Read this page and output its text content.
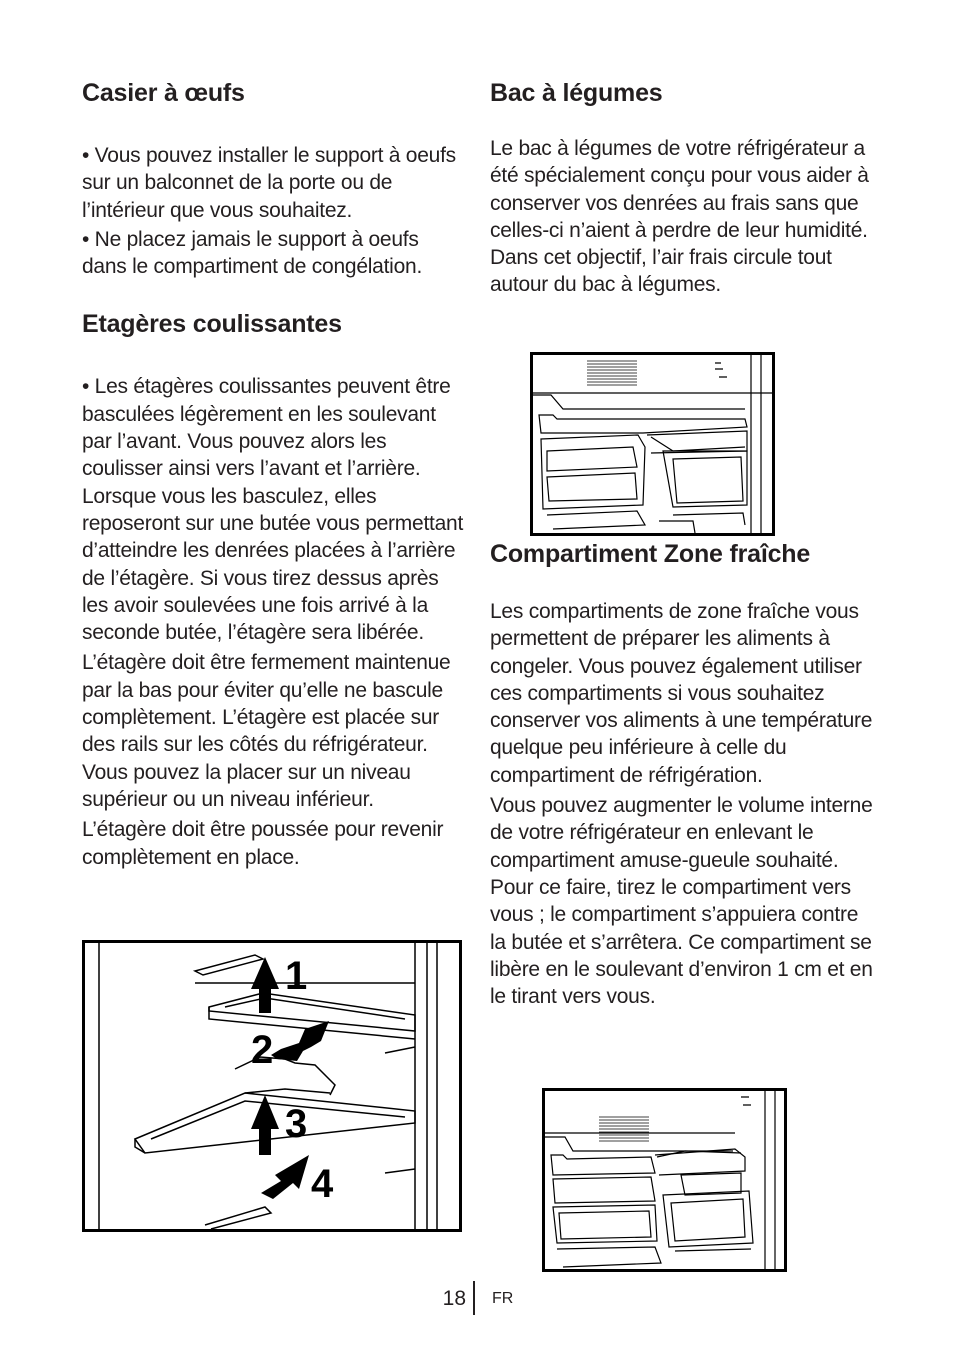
Casier à œufs

• Vous pouvez installer le support à oeufs sur un balconnet de la porte ou de l’intérieur que vous souhaitez.

• Ne placez jamais le support à oeufs dans le compartiment de congélation.

Etagères coulissantes

• Les étagères coulissantes peuvent être basculées légèrement en les soulevant par l’avant. Vous pouvez alors les coulisser ainsi vers l’avant et l’arrière. Lorsque vous les basculez, elles reposeront sur une butée vous permettant d’atteindre les denrées placées à l’arrière de l’étagère. Si vous tirez dessus après les avoir soulevées une fois arrivé à la seconde butée, l’étagère sera libérée.

L’étagère doit être fermement maintenue par la bas pour éviter qu’elle ne bascule complètement. L’étagère est placée sur des rails sur les côtés du réfrigérateur. Vous pouvez la placer sur un niveau supérieur ou un niveau inférieur.

L’étagère doit être poussée pour revenir complètement en place.

Bac à légumes

Le bac à légumes de votre réfrigérateur a été spécialement conçu pour vous aider à conserver vos denrées au frais sans que celles-ci n’aient à perdre de leur humidité. Dans cet objectif, l’air frais circule tout autour du bac à légumes.

Compartiment Zone fraîche

Les compartiments de zone fraîche vous permettent de préparer les aliments à congeler. Vous pouvez également utiliser ces compartiments si vous souhaitez conserver vos aliments à une température quelque peu inférieure à celle du compartiment de réfrigération.

Vous pouvez augmenter le volume interne de votre réfrigérateur en enlevant le compartiment amuse-gueule souhaité. Pour ce faire, tirez le compartiment vers vous ; le compartiment s’appuiera contre la butée et s’arrêtera. Ce compartiment se libère en le soulevant d’environ 1 cm et en le tirant vers vous.

1
2
3
4
18 FR
